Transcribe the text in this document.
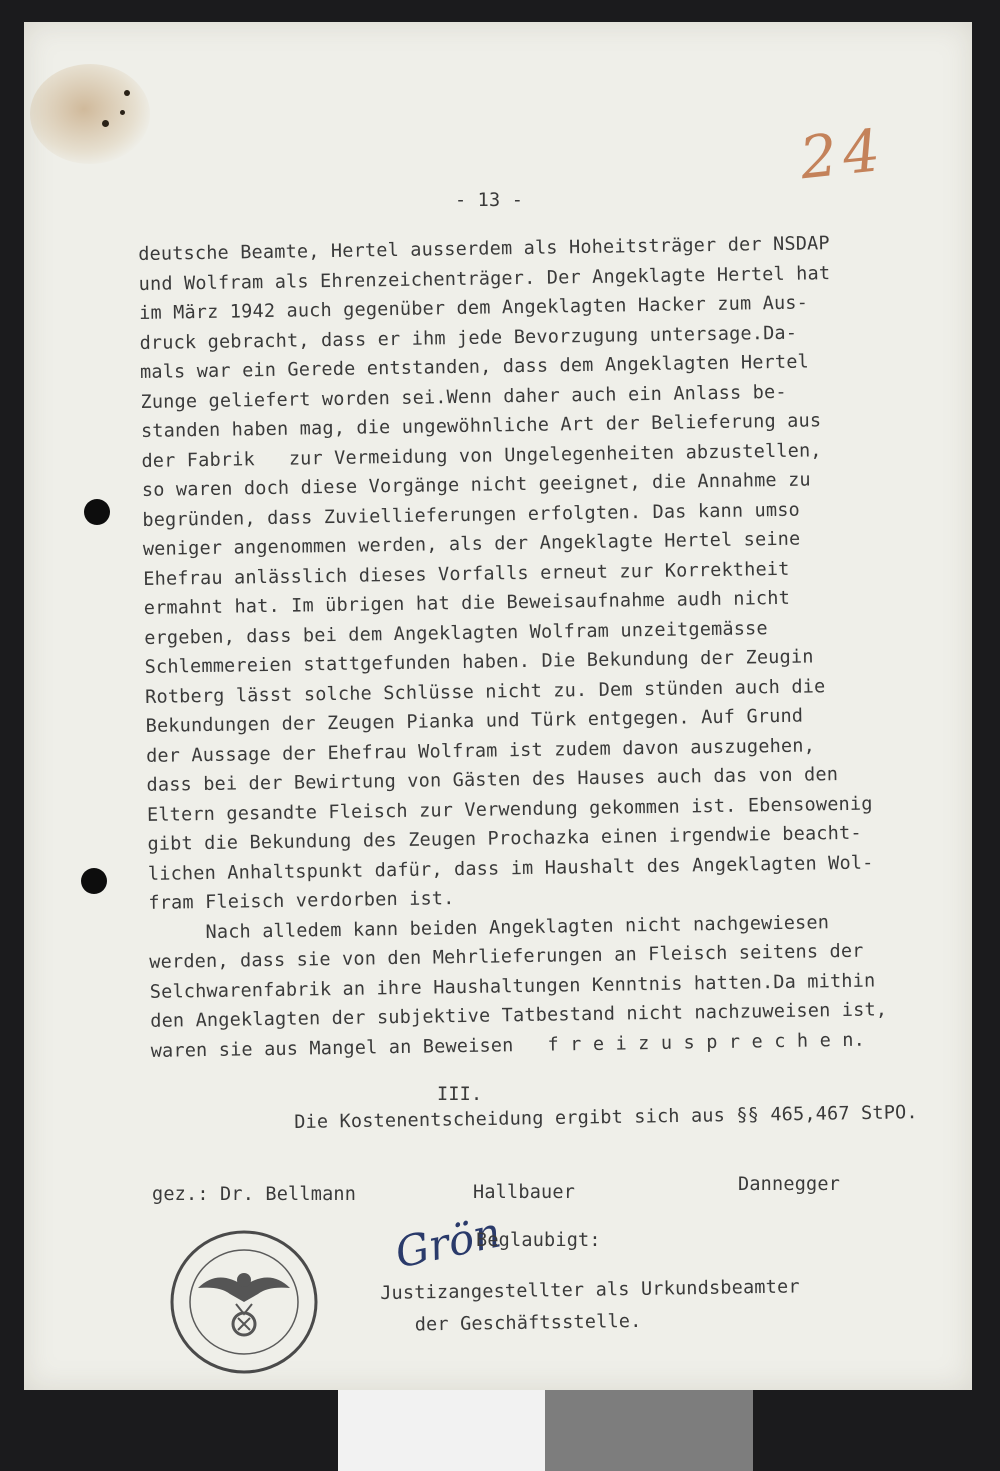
24
- 13 -
deutsche Beamte, Hertel ausserdem als Hoheitsträger der NSDAP
und Wolfram als Ehrenzeichenträger. Der Angeklagte Hertel hat
im März 1942 auch gegenüber dem Angeklagten Hacker zum Aus-
druck gebracht, dass er ihm jede Bevorzugung untersage.Da-
mals war ein Gerede entstanden, dass dem Angeklagten Hertel
Zunge geliefert worden sei.Wenn daher auch ein Anlass be-
standen haben mag, die ungewöhnliche Art der Belieferung aus
der Fabrik   zur Vermeidung von Ungelegenheiten abzustellen,
so waren doch diese Vorgänge nicht geeignet, die Annahme zu
begründen, dass Zuviellieferungen erfolgten. Das kann umso
weniger angenommen werden, als der Angeklagte Hertel seine
Ehefrau anlässlich dieses Vorfalls erneut zur Korrektheit
ermahnt hat. Im übrigen hat die Beweisaufnahme audh nicht
ergeben, dass bei dem Angeklagten Wolfram unzeitgemässe
Schlemmereien stattgefunden haben. Die Bekundung der Zeugin
Rotberg lässt solche Schlüsse nicht zu. Dem stünden auch die
Bekundungen der Zeugen Pianka und Türk entgegen. Auf Grund
der Aussage der Ehefrau Wolfram ist zudem davon auszugehen,
dass bei der Bewirtung von Gästen des Hauses auch das von den
Eltern gesandte Fleisch zur Verwendung gekommen ist. Ebensowenig
gibt die Bekundung des Zeugen Prochazka einen irgendwie beacht-
lichen Anhaltspunkt dafür, dass im Haushalt des Angeklagten Wol-
fram Fleisch verdorben ist.
Nach alledem kann beiden Angeklagten nicht nachgewiesen
werden, dass sie von den Mehrlieferungen an Fleisch seitens der
Selchwarenfabrik an ihre Haushaltungen Kenntnis hatten.Da mithin
den Angeklagten der subjektive Tatbestand nicht nachzuweisen ist,
waren sie aus Mangel an Beweisen   f r e i z u s p r e c h e n.
III.
Die Kostenentscheidung ergibt sich aus §§ 465,467 StPO.
gez.: Dr. Bellmann	Hallbauer	Dannegger
Grön
Beglaubigt:
Justizangestellter als Urkundsbeamter
der Geschäftsstelle.
